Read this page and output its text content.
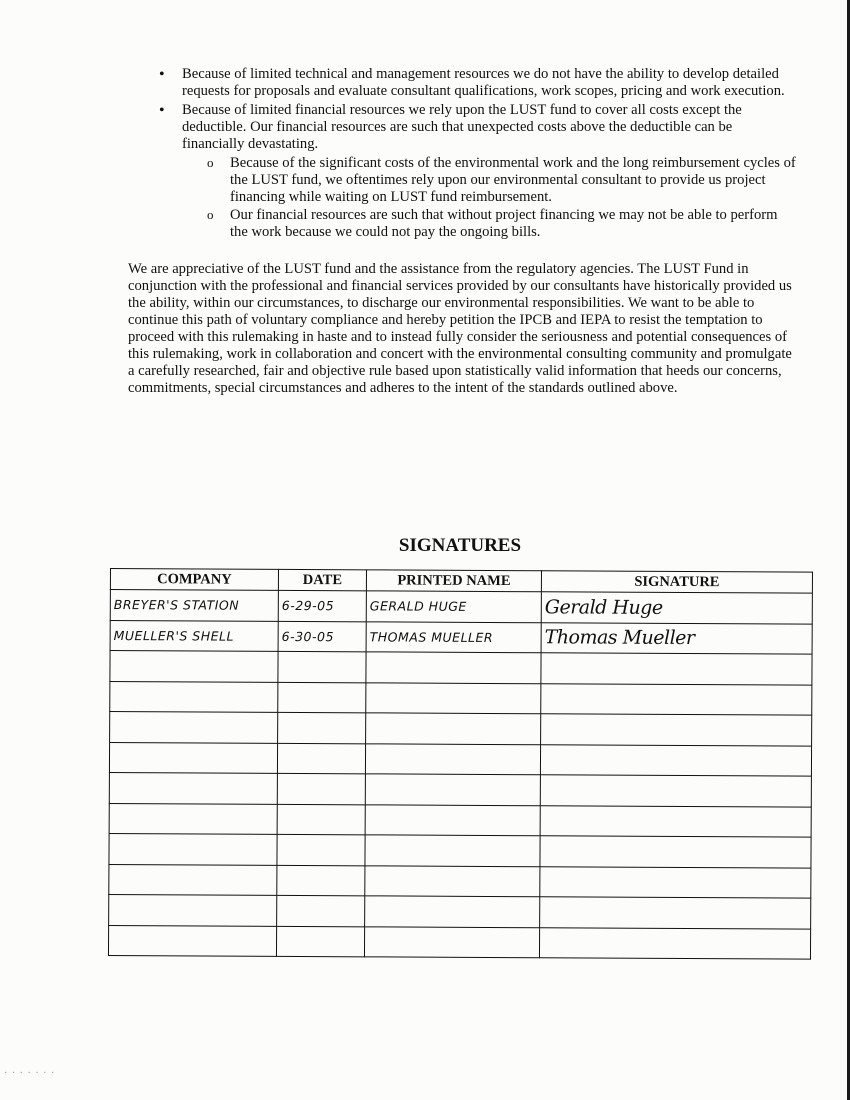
• Because of limited technical and management resources we do not have the ability to develop detailed requests for proposals and evaluate consultant qualifications, work scopes, pricing and work execution.
• Because of limited financial resources we rely upon the LUST fund to cover all costs except the deductible. Our financial resources are such that unexpected costs above the deductible can be financially devastating.
o Because of the significant costs of the environmental work and the long reimbursement cycles of the LUST fund, we oftentimes rely upon our environmental consultant to provide us project financing while waiting on LUST fund reimbursement.
o Our financial resources are such that without project financing we may not be able to perform the work because we could not pay the ongoing bills.

We are appreciative of the LUST fund and the assistance from the regulatory agencies. The LUST Fund in conjunction with the professional and financial services provided by our consultants have historically provided us the ability, within our circumstances, to discharge our environmental responsibilities. We want to be able to continue this path of voluntary compliance and hereby petition the IPCB and IEPA to resist the temptation to proceed with this rulemaking in haste and to instead fully consider the seriousness and potential consequences of this rulemaking, work in collaboration and concert with the environmental consulting community and promulgate a carefully researched, fair and objective rule based upon statistically valid information that heeds our concerns, commitments, special circumstances and adheres to the intent of the standards outlined above.

SIGNATURES
COMPANY	DATE	PRINTED NAME	SIGNATURE

BREYER'S STATION	6-29-05	GERALD HUGE	Gerald Huge

MUELLER'S SHELL	6-30-05	THOMAS MUELLER	Thomas Mueller

· · · · · · ·
